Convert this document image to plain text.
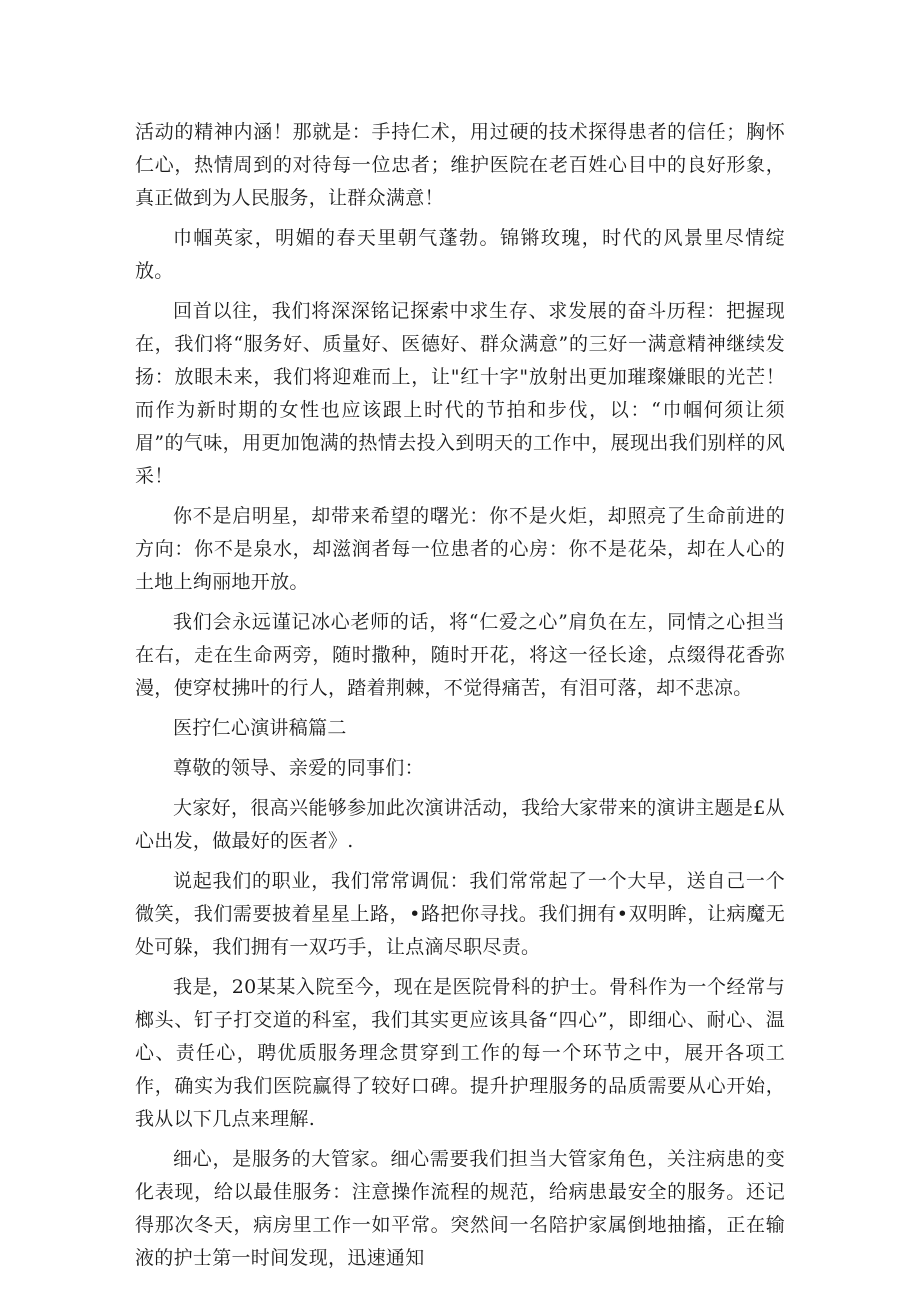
活动的精神内涵！那就是：手持仁术，用过硬的技术探得患者的信任；胸怀仁心，热情周到的对待每一位忠者；维护医院在老百姓心目中的良好形象，真正做到为人民服务，让群众满意！

巾帼英家，明媚的春天里朝气蓬勃。锦锵玫瑰，时代的风景里尽情绽放。

回首以往，我们将深深铭记探索中求生存、求发展的奋斗历程：把握现在，我们将“服务好、质量好、医德好、群众满意”的三好一满意精神继续发扬：放眼未来，我们将迎难而上，让"红十字"放射出更加璀璨嫌眼的光芒！而作为新时期的女性也应该跟上时代的节拍和步伐，以：“巾帼何须让须眉”的气味，用更加饱满的热情去投入到明天的工作中，展现出我们别样的风采！

你不是启明星，却带来希望的曙光：你不是火炬，却照亮了生命前进的方向：你不是泉水，却滋润者每一位患者的心房：你不是花朵，却在人心的土地上绚丽地开放。

我们会永远谨记冰心老师的话，将“仁爱之心”肩负在左，同情之心担当在右，走在生命两旁，随时撒种，随时开花，将这一径长途，点缀得花香弥漫，使穿杖拂叶的行人，踏着荆棘，不觉得痛苦，有泪可落，却不悲凉。

医拧仁心演讲稿篇二

尊敬的领导、亲爱的同事们：

大家好，很高兴能够参加此次演讲活动，我给大家带来的演讲主题是£从心出发，做最好的医者》.

说起我们的职业，我们常常调侃：我们常常起了一个大早，送自己一个微笑，我们需要披着星星上路，•路把你寻找。我们拥有•双明眸，让病魔无处可躲，我们拥有一双巧手，让点滴尽职尽责。

我是，20某某入院至今，现在是医院骨科的护士。骨科作为一个经常与榔头、钉子打交道的科室，我们其实更应该具备“四心”，即细心、耐心、温心、责任心，聘优质服务理念贯穿到工作的每一个环节之中，展开各项工作，确实为我们医院赢得了较好口碑。提升护理服务的品质需要从心开始，我从以下几点来理解.

细心，是服务的大管家。细心需要我们担当大管家角色，关注病患的变化表现，给以最佳服务：注意操作流程的规范，给病患最安全的服务。还记得那次冬天，病房里工作一如平常。突然间一名陪护家属倒地抽搐，正在输液的护士第一时间发现，迅速通知
